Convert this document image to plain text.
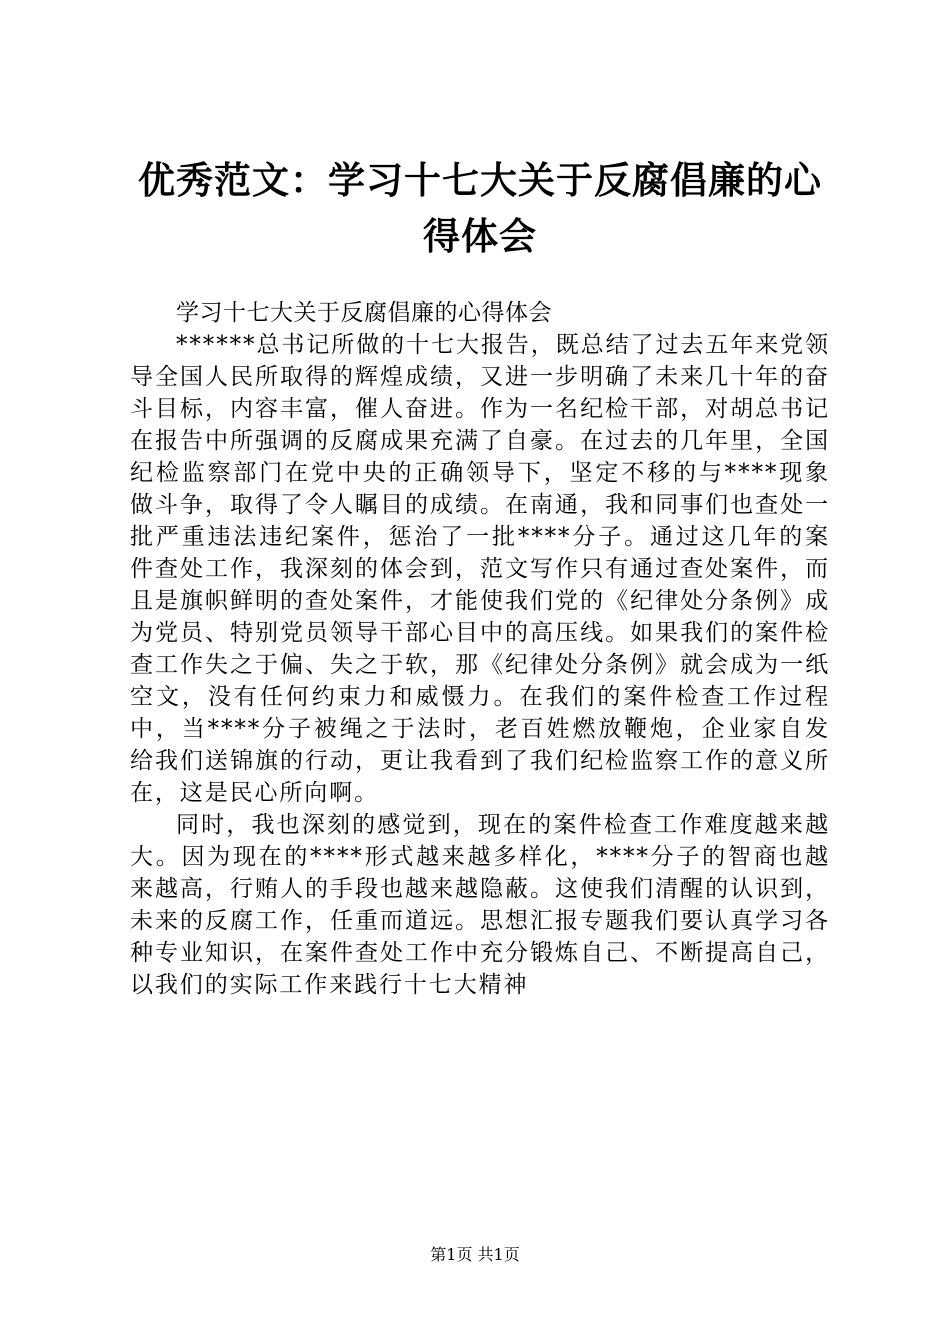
优秀范文：学习十七大关于反腐倡廉的心得体会

学习十七大关于反腐倡廉的心得体会

******总书记所做的十七大报告，既总结了过去五年来党领导全国人民所取得的辉煌成绩，又进一步明确了未来几十年的奋斗目标，内容丰富，催人奋进。作为一名纪检干部，对胡总书记在报告中所强调的反腐成果充满了自豪。在过去的几年里，全国纪检监察部门在党中央的正确领导下，坚定不移的与****现象做斗争，取得了令人瞩目的成绩。在南通，我和同事们也查处一批严重违法违纪案件，惩治了一批****分子。通过这几年的案件查处工作，我深刻的体会到，范文写作只有通过查处案件，而且是旗帜鲜明的查处案件，才能使我们党的《纪律处分条例》成为党员、特别党员领导干部心目中的高压线。如果我们的案件检查工作失之于偏、失之于软，那《纪律处分条例》就会成为一纸空文，没有任何约束力和威慑力。在我们的案件检查工作过程中，当****分子被绳之于法时，老百姓燃放鞭炮，企业家自发给我们送锦旗的行动，更让我看到了我们纪检监察工作的意义所在，这是民心所向啊。

同时，我也深刻的感觉到，现在的案件检查工作难度越来越大。因为现在的****形式越来越多样化，****分子的智商也越来越高，行贿人的手段也越来越隐蔽。这使我们清醒的认识到，未来的反腐工作，任重而道远。思想汇报专题我们要认真学习各种专业知识，在案件查处工作中充分锻炼自己、不断提高自己，以我们的实际工作来践行十七大精神

第1页 共1页
